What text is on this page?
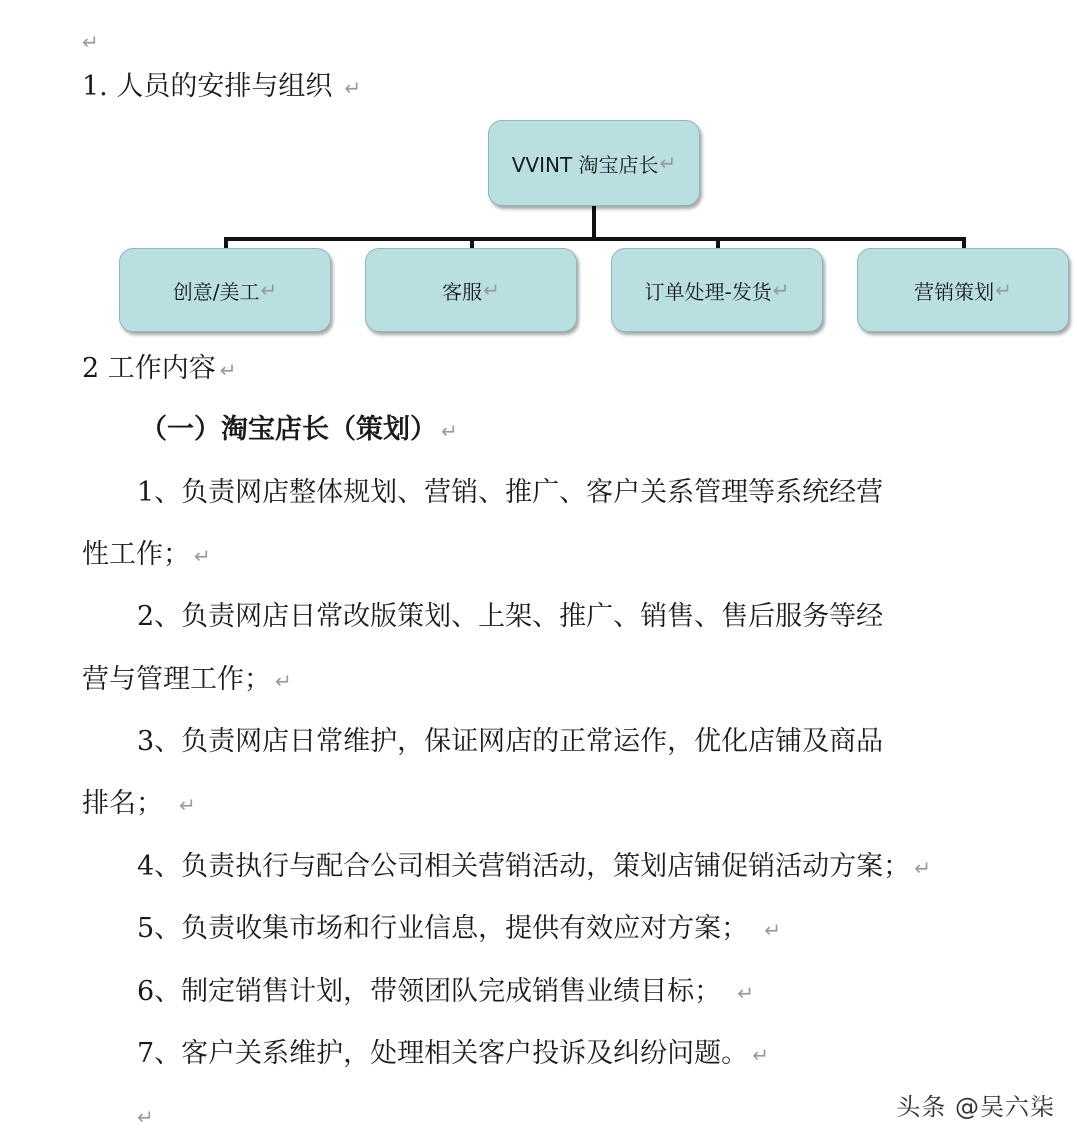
↵
1. 人员的安排与组织 ↵
VVINT 淘宝店长 ↵
创意/美工 ↵	客服 ↵	订单处理-发货 ↵	营销策划 ↵
2 工作内容 ↵
（一）淘宝店长（策划） ↵
1、负责网店整体规划、营销、推广、客户关系管理等系统经营
性工作； ↵
2、负责网店日常改版策划、上架、推广、销售、售后服务等经
营与管理工作； ↵
3、负责网店日常维护，保证网店的正常运作，优化店铺及商品
排名； ↵
4、负责执行与配合公司相关营销活动，策划店铺促销活动方案； ↵
5、负责收集市场和行业信息，提供有效应对方案； ↵
6、制定销售计划，带领团队完成销售业绩目标； ↵
7、客户关系维护，处理相关客户投诉及纠纷问题。 ↵
↵	头条 @吴六柒
